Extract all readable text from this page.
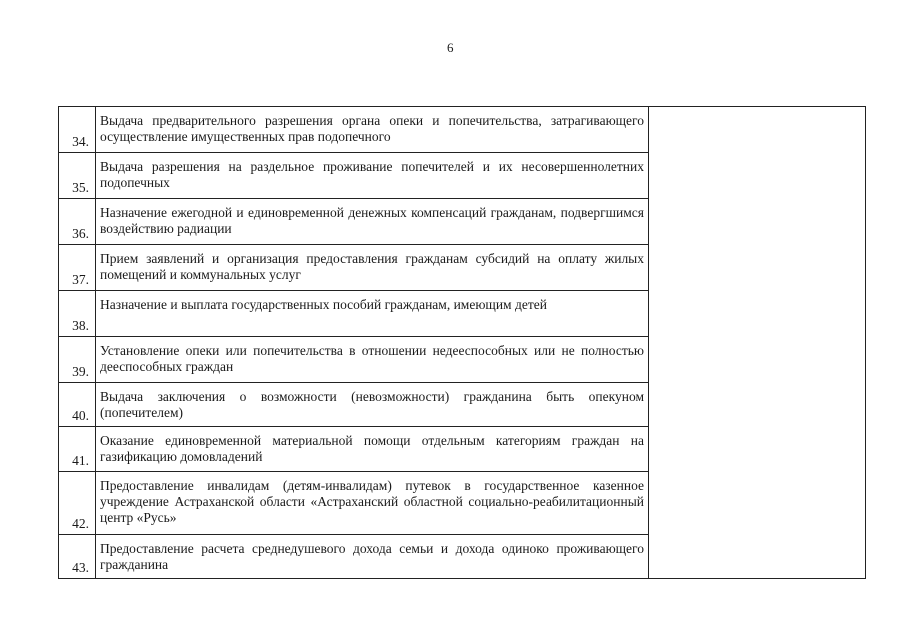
6
34.	Выдача предварительного разрешения органа опеки и попечительства, затрагивающего осуществление имущественных прав подопечного	

35.	Выдача разрешения на раздельное проживание попечителей и их несовершеннолетних подопечных	

36.	Назначение ежегодной и единовременной денежных компенсаций гражданам, подвергшимся воздействию радиации	

37.	Прием заявлений и организация предоставления гражданам субсидий на оплату жилых помещений и коммунальных услуг	

38.	Назначение и выплата государственных пособий гражданам, имеющим детей	

39.	Установление опеки или попечительства в отношении недееспособных или не полностью дееспособных граждан	

40.	Выдача заключения о возможности (невозможности) гражданина быть опекуном (попечителем)	

41.	Оказание единовременной материальной помощи отдельным категориям граждан на газификацию домовладений	

42.	Предоставление инвалидам (детям-инвалидам) путевок в государственное казенное учреждение Астраханской области «Астраханский областной социально-реабилитационный центр «Русь»	

43.	Предоставление расчета среднедушевого дохода семьи и дохода одиноко проживающего гражданина	
